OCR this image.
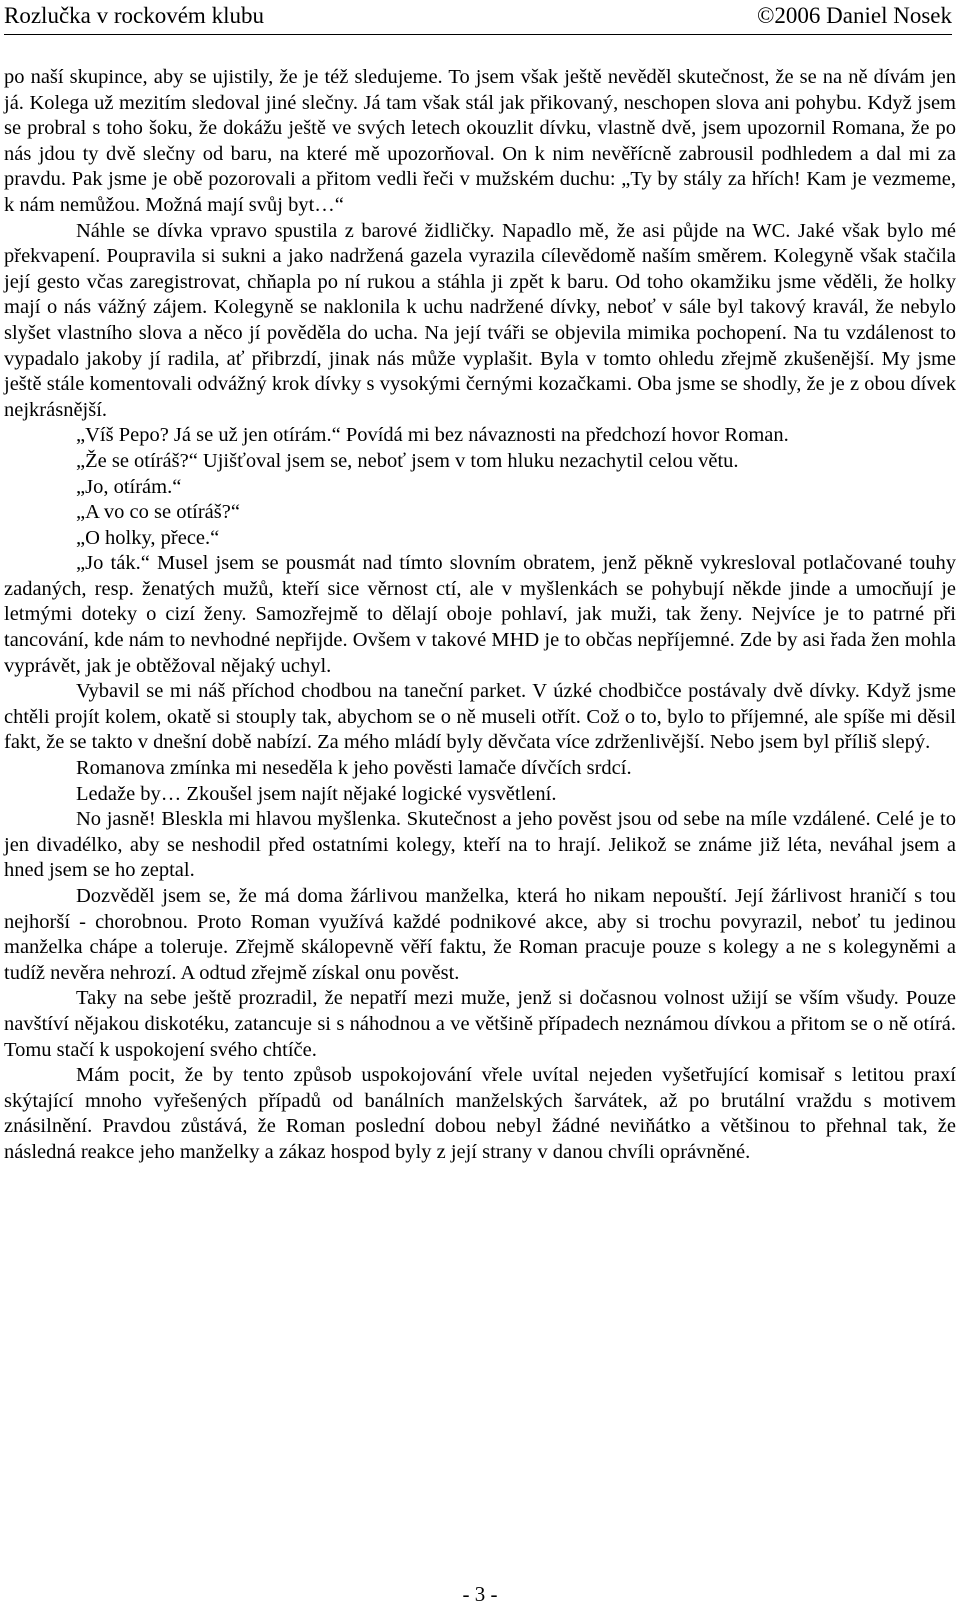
Rozlučka v rockovém klubu	©2006 Daniel Nosek

po naší skupince, aby se ujistily, že je též sledujeme. To jsem však ještě nevěděl skutečnost, že se na ně dívám jen já. Kolega už mezitím sledoval jiné slečny. Já tam však stál jak přikovaný, neschopen slova ani pohybu. Když jsem se probral s toho šoku, že dokážu ještě ve svých letech okouzlit dívku, vlastně dvě, jsem upozornil Romana, že po nás jdou ty dvě slečny od baru, na které mě upozorňoval. On k nim nevěřícně zabrousil podhledem a dal mi za pravdu. Pak jsme je obě pozorovali a přitom vedli řeči v mužském duchu: „Ty by stály za hřích! Kam je vezmeme, k nám nemůžou. Možná mají svůj byt…“

Náhle se dívka vpravo spustila z barové židličky. Napadlo mě, že asi půjde na WC. Jaké však bylo mé překvapení. Poupravila si sukni a jako nadržená gazela vyrazila cílevědomě naším směrem. Kolegyně však stačila její gesto včas zaregistrovat, chňapla po ní rukou a stáhla ji zpět k baru. Od toho okamžiku jsme věděli, že holky mají o nás vážný zájem. Kolegyně se naklonila k uchu nadržené dívky, neboť v sále byl takový kravál, že nebylo slyšet vlastního slova a něco jí pověděla do ucha. Na její tváři se objevila mimika pochopení. Na tu vzdálenost to vypadalo jakoby jí radila, ať přibrzdí, jinak nás může vyplašit. Byla v tomto ohledu zřejmě zkušenější. My jsme ještě stále komentovali odvážný krok dívky s vysokými černými kozačkami. Oba jsme se shodly, že je z obou dívek nejkrásnější.

„Víš Pepo? Já se už jen otírám.“ Povídá mi bez návaznosti na předchozí hovor Roman.

„Že se otíráš?“ Ujišťoval jsem se, neboť jsem v tom hluku nezachytil celou větu.

„Jo, otírám.“

„A vo co se otíráš?“

„O holky, přece.“

„Jo ták.“ Musel jsem se pousmát nad tímto slovním obratem, jenž pěkně vykresloval potlačované touhy zadaných, resp. ženatých mužů, kteří sice věrnost ctí, ale v myšlenkách se pohybují někde jinde a umocňují je letmými doteky o cizí ženy. Samozřejmě to dělají oboje pohlaví, jak muži, tak ženy. Nejvíce je to patrné při tancování, kde nám to nevhodné nepřijde. Ovšem v takové MHD je to občas nepříjemné. Zde by asi řada žen mohla vyprávět, jak je obtěžoval nějaký uchyl.

Vybavil se mi náš příchod chodbou na taneční parket. V úzké chodbičce postávaly dvě dívky. Když jsme chtěli projít kolem, okatě si stouply tak, abychom se o ně museli otřít. Což o to, bylo to příjemné, ale spíše mi děsil fakt, že se takto v dnešní době nabízí. Za mého mládí byly děvčata více zdrženlivější. Nebo jsem byl příliš slepý.

Romanova zmínka mi neseděla k jeho pověsti lamače dívčích srdcí.

Ledaže by… Zkoušel jsem najít nějaké logické vysvětlení.

No jasně! Bleskla mi hlavou myšlenka. Skutečnost a jeho pověst jsou od sebe na míle vzdálené. Celé je to jen divadélko, aby se neshodil před ostatními kolegy, kteří na to hrají. Jelikož se známe již léta, neváhal jsem a hned jsem se ho zeptal.

Dozvěděl jsem se, že má doma žárlivou manželka, která ho nikam nepouští. Její žárlivost hraničí s tou nejhorší - chorobnou. Proto Roman využívá každé podnikové akce, aby si trochu povyrazil, neboť tu jedinou manželka chápe a toleruje. Zřejmě skálopevně věří faktu, že Roman pracuje pouze s kolegy a ne s kolegyněmi a tudíž nevěra nehrozí. A odtud zřejmě získal onu pověst.

Taky na sebe ještě prozradil, že nepatří mezi muže, jenž si dočasnou volnost užijí se vším všudy. Pouze navštíví nějakou diskotéku, zatancuje si s náhodnou a ve většině případech neznámou dívkou a přitom se o ně otírá. Tomu stačí k uspokojení svého chtíče.

Mám pocit, že by tento způsob uspokojování vřele uvítal nejeden vyšetřující komisař s letitou praxí skýtající mnoho vyřešených případů od banálních manželských šarvátek, až po brutální vraždu s motivem znásilnění. Pravdou zůstává, že Roman poslední dobou nebyl žádné neviňátko a většinou to přehnal tak, že následná reakce jeho manželky a zákaz hospod byly z její strany v danou chvíli oprávněné.

- 3 -
